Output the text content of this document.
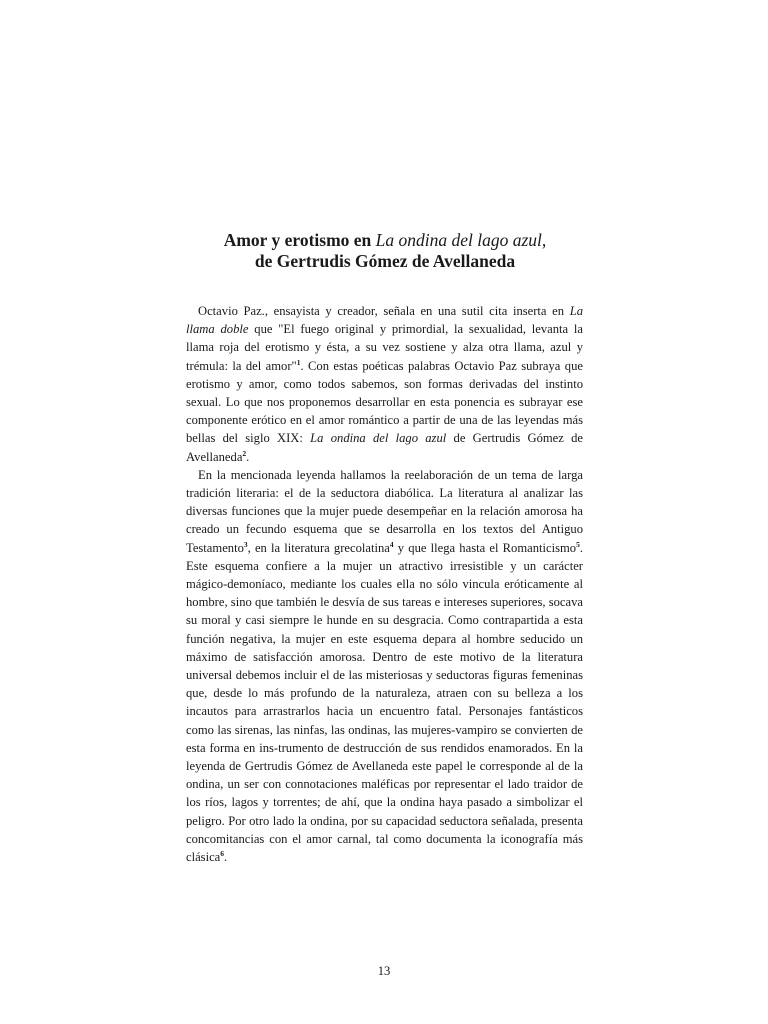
Amor y erotismo en La ondina del lago azul,
de Gertrudis Gómez de Avellaneda

Octavio Paz., ensayista y creador, señala en una sutil cita inserta en La llama doble que "El fuego original y primordial, la sexualidad, levanta la llama roja del erotismo y ésta, a su vez sostiene y alza otra llama, azul y trémula: la del amor"$^1$. Con estas poéticas palabras Octavio Paz subraya que erotismo y amor, como todos sabemos, son formas derivadas del instinto sexual. Lo que nos proponemos desarrollar en esta ponencia es subrayar ese componente erótico en el amor romántico a partir de una de las leyendas más bellas del siglo XIX: La ondina del lago azul de Gertrudis Gómez de Avellaneda$^2$.

En la mencionada leyenda hallamos la reelaboración de un tema de larga tradición literaria: el de la seductora diabólica. La literatura al analizar las diversas funciones que la mujer puede desempeñar en la relación amorosa ha creado un fecundo esquema que se desarrolla en los textos del Antiguo Testamento$^3$, en la literatura grecolatina$^4$ y que llega hasta el Romanticismo$^5$. Este esquema confiere a la mujer un atractivo irresistible y un carácter mágico-demoníaco, mediante los cuales ella no sólo vincula eróticamente al hombre, sino que también le desvía de sus tareas e intereses superiores, socava su moral y casi siempre le hunde en su desgracia. Como contrapartida a esta función negativa, la mujer en este esquema depara al hombre seducido un máximo de satisfacción amorosa. Dentro de este motivo de la literatura universal debemos incluir el de las misteriosas y seductoras figuras femeninas que, desde lo más profundo de la naturaleza, atraen con su belleza a los incautos para arrastrarlos hacia un encuentro fatal. Personajes fantásticos como las sirenas, las ninfas, las ondinas, las mujeres-vampiro se convierten de esta forma en ins-trumento de destrucción de sus rendidos enamorados. En la leyenda de Gertrudis Gómez de Avellaneda este papel le corresponde al de la ondina, un ser con connotaciones maléficas por representar el lado traidor de los ríos, lagos y torrentes; de ahí, que la ondina haya pasado a simbolizar el peligro. Por otro lado la ondina, por su capacidad seductora señalada, presenta concomitancias con el amor carnal, tal como documenta la iconografía más clásica$^6$.

13
